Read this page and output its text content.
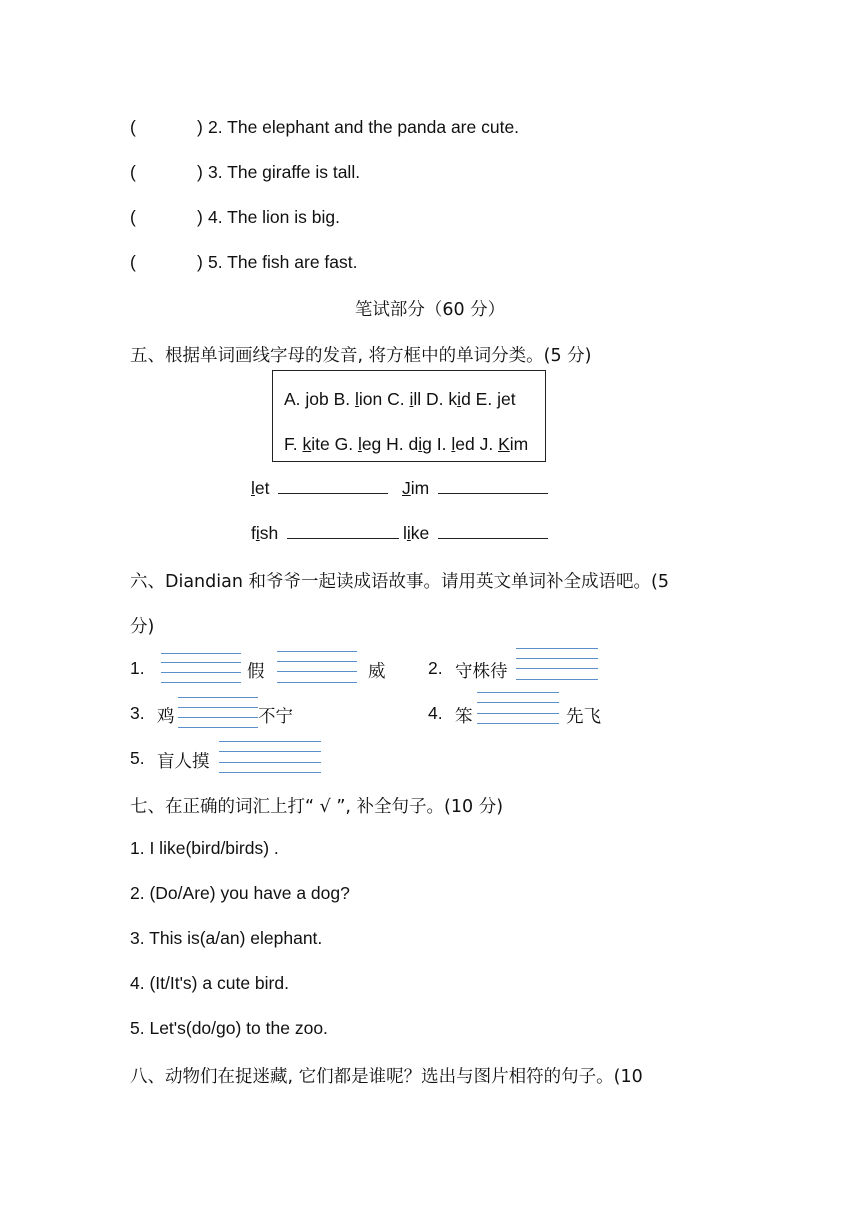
(	) 2. The elephant and the panda are cute.
(	) 3. The giraffe is tall.
(	) 4. The lion is big.
(	) 5. The fish are fast.
笔试部分（60 分）
五、根据单词画线字母的发音, 将方框中的单词分类。(5 分)
A. job B. lion C. ill D. kid E. jet
F. kite G. leg H. dig I. led J. Kim
let	Jim
fish	like
六、Diandian 和爷爷一起读成语故事。请用英文单词补全成语吧。(5
分)
1.	假	威 2. 守株待
3. 鸡	不宁	4. 笨	先飞
5. 盲人摸
七、在正确的词汇上打“ √ ”, 补全句子。(10 分)
1. I like(bird/birds) .
2. (Do/Are) you have a dog?
3. This is(a/an) elephant.
4. (It/It's) a cute bird.
5. Let's(do/go) to the zoo.
八、动物们在捉迷藏, 它们都是谁呢？选出与图片相符的句子。(10
